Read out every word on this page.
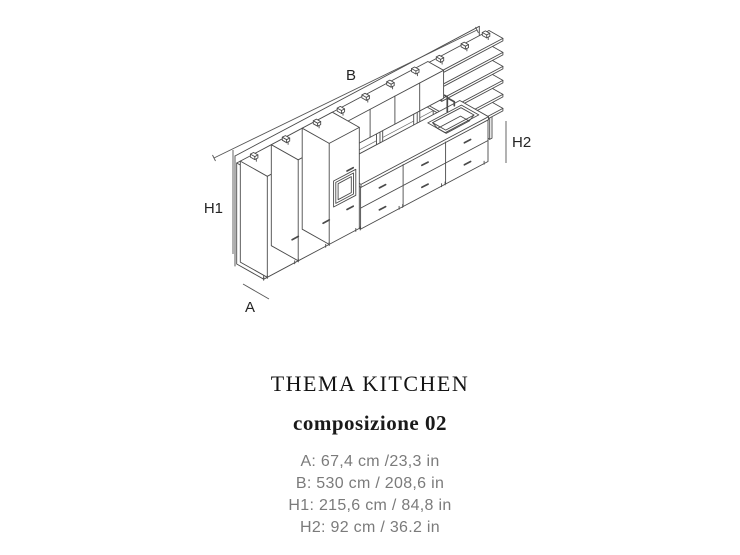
B
H1
H2
A
THEMA KITCHEN
composizione 02
A: 67,4 cm /23,3 in
B: 530 cm / 208,6 in
H1: 215,6 cm / 84,8 in
H2: 92 cm / 36.2 in
